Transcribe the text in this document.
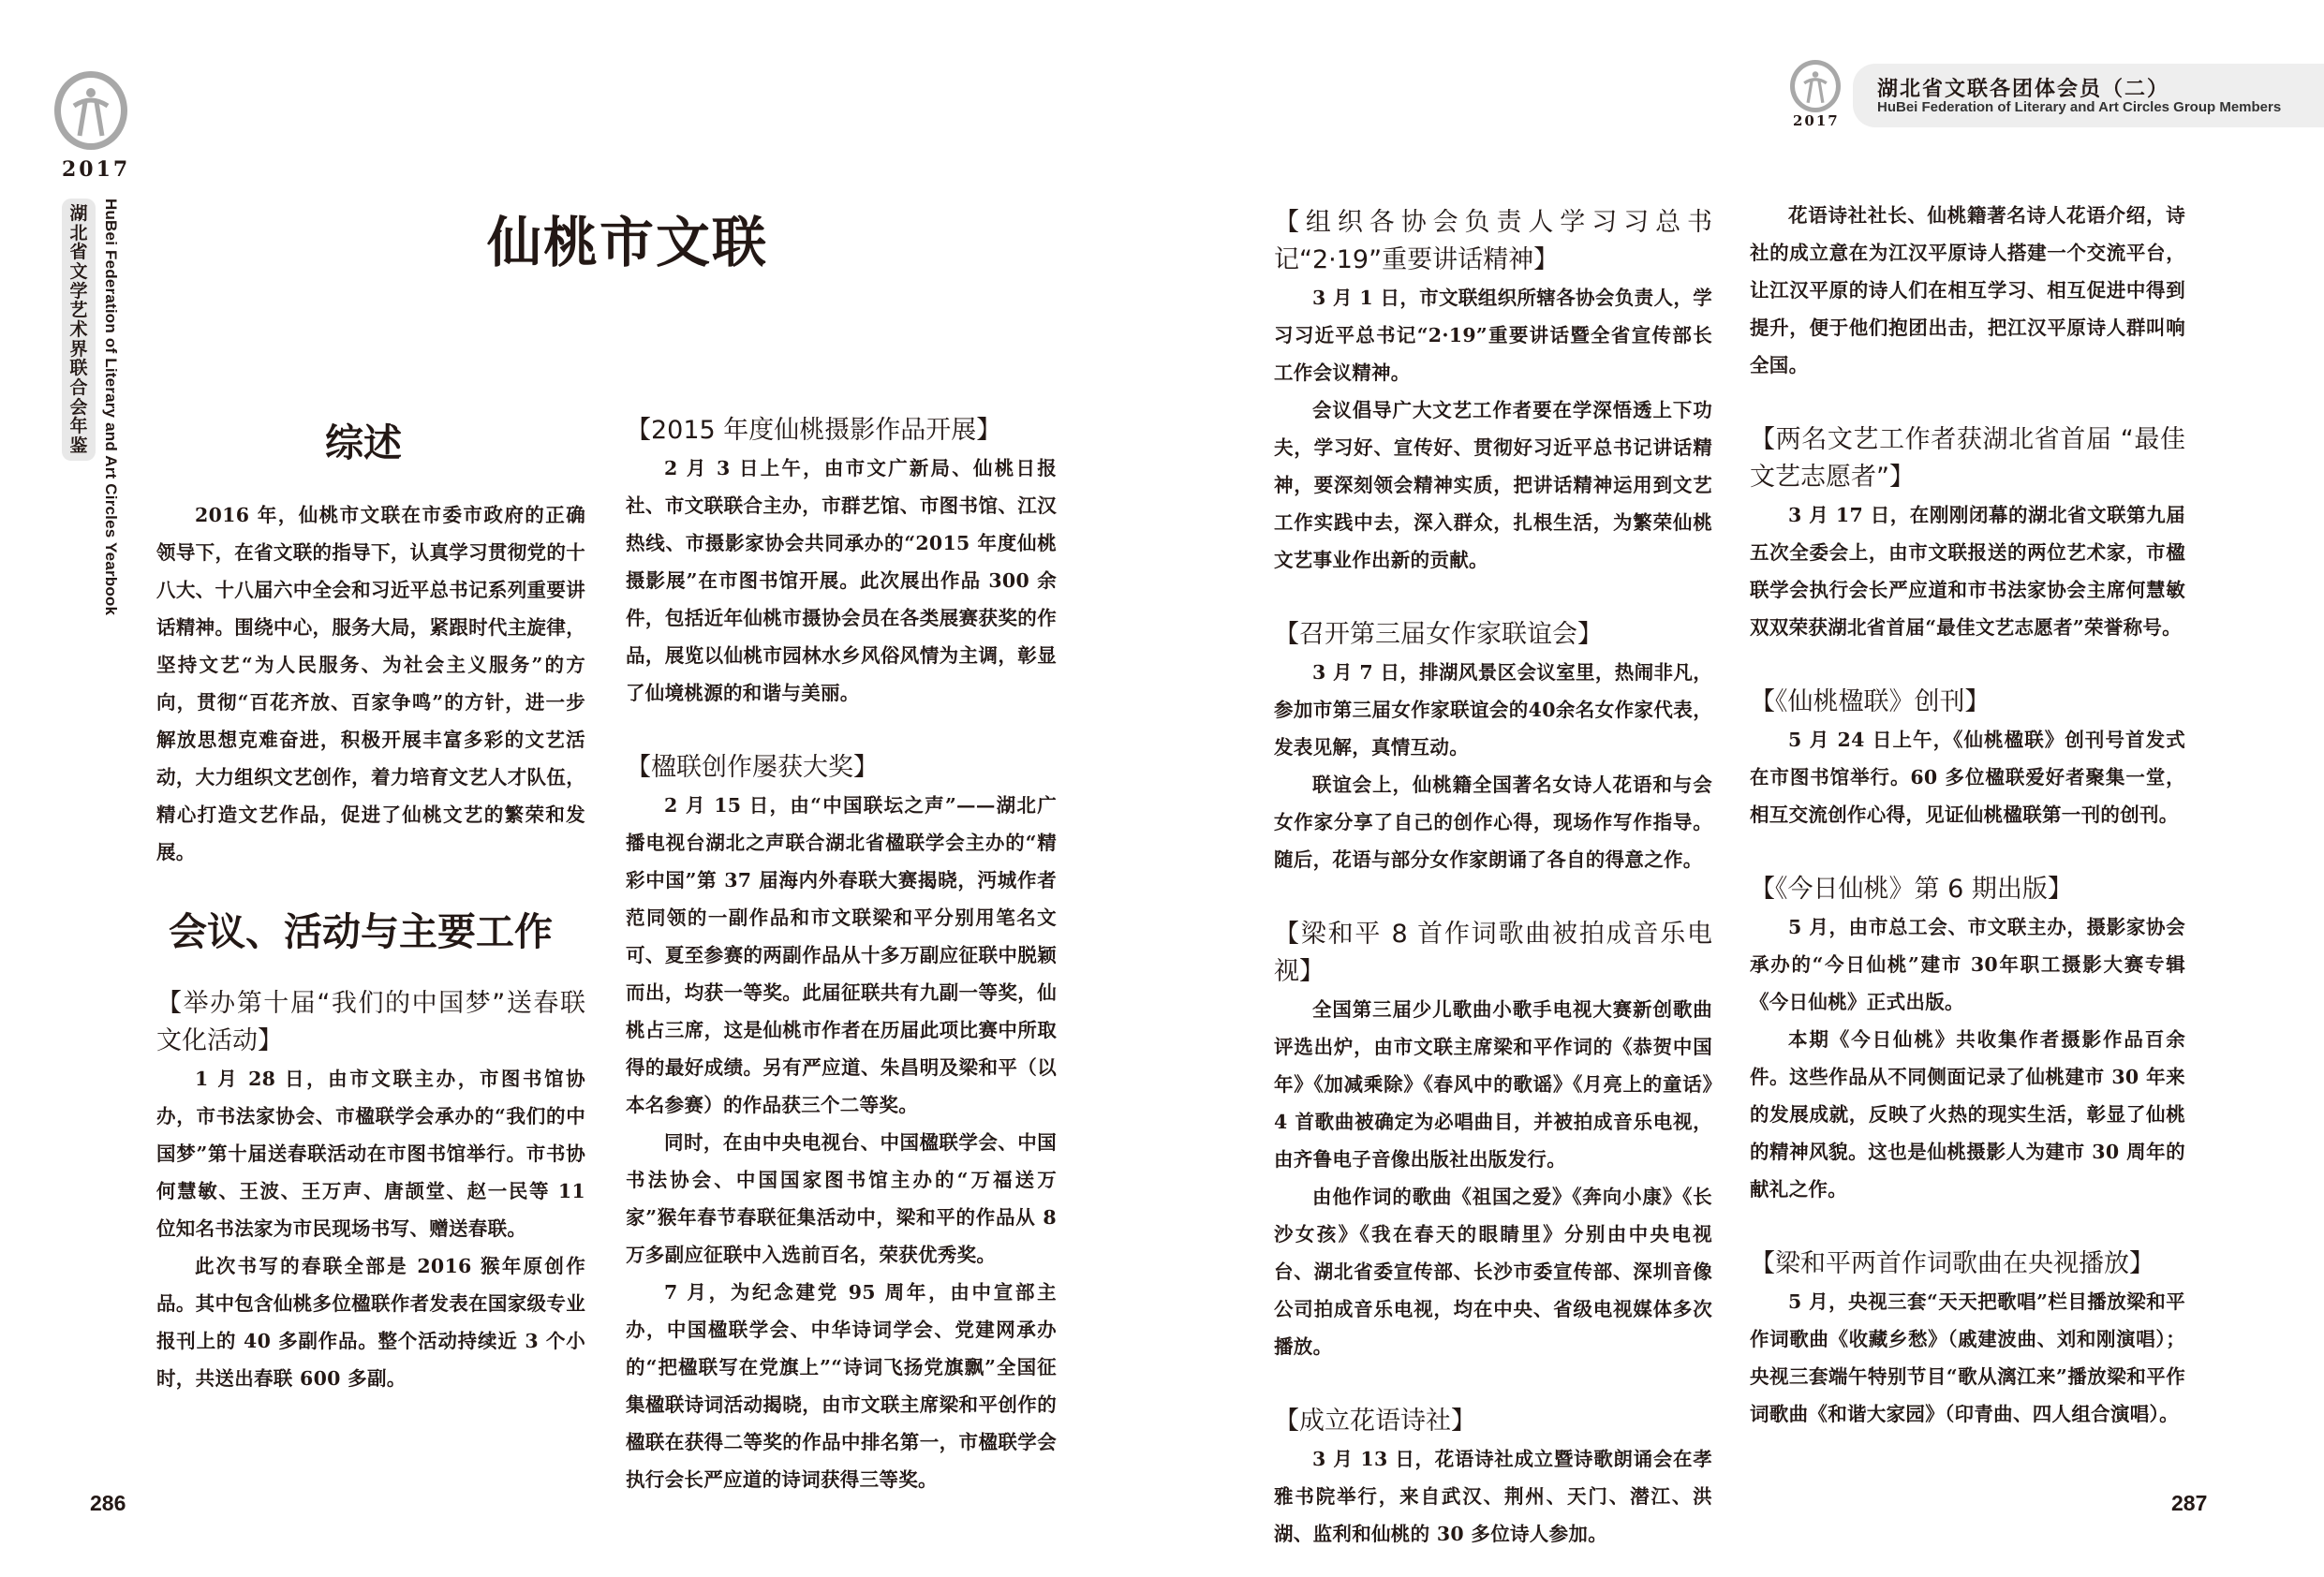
2017
湖
北
省
文
学
艺
术
界
联
合
会
年
鉴 HuBei Federation of Literary and Art Circles Yearbook	仙桃市文联
综述

2016 年，仙桃市文联在市委市政府的正确领导下，在省文联的指导下，认真学习贯彻党的十八大、十八届六中全会和习近平总书记系列重要讲话精神。围绕中心，服务大局，紧跟时代主旋律，坚持文艺“为人民服务、为社会主义服务”的方向，贯彻“百花齐放、百家争鸣”的方针，进一步解放思想克难奋进，积极开展丰富多彩的文艺活动，大力组织文艺创作，着力培育文艺人才队伍，精心打造文艺作品，促进了仙桃文艺的繁荣和发展。

会议、活动与主要工作
【举办第十届“我们的中国梦”送春联文化活动】

1 月 28 日，由市文联主办，市图书馆协办，市书法家协会、市楹联学会承办的“我们的中国梦”第十届送春联活动在市图书馆举行。市书协何慧敏、王波、王万声、唐颉堂、赵一民等 11 位知名书法家为市民现场书写、赠送春联。

此次书写的春联全部是 2016 猴年原创作品。其中包含仙桃多位楹联作者发表在国家级专业报刊上的 40 多副作品。整个活动持续近 3 个小时，共送出春联 600 多副。

【2015 年度仙桃摄影作品开展】

2 月 3 日上午，由市文广新局、仙桃日报社、市文联联合主办，市群艺馆、市图书馆、江汉热线、市摄影家协会共同承办的“2015 年度仙桃摄影展”在市图书馆开展。此次展出作品 300 余件，包括近年仙桃市摄协会员在各类展赛获奖的作品，展览以仙桃市园林水乡风俗风情为主调，彰显了仙境桃源的和谐与美丽。

【楹联创作屡获大奖】

2 月 15 日，由“中国联坛之声”——湖北广播电视台湖北之声联合湖北省楹联学会主办的“精彩中国”第 37 届海内外春联大赛揭晓，沔城作者范同领的一副作品和市文联梁和平分别用笔名文可、夏至参赛的两副作品从十多万副应征联中脱颖而出，均获一等奖。此届征联共有九副一等奖，仙桃占三席，这是仙桃市作者在历届此项比赛中所取得的最好成绩。另有严应道、朱昌明及梁和平（以本名参赛）的作品获三个二等奖。

同时，在由中央电视台、中国楹联学会、中国书法协会、中国国家图书馆主办的“万福送万家”猴年春节春联征集活动中，梁和平的作品从 8 万多副应征联中入选前百名，荣获优秀奖。

7 月，为纪念建党 95 周年，由中宣部主办，中国楹联学会、中华诗词学会、党建网承办的“把楹联写在党旗上”“诗词飞扬党旗飘”全国征集楹联诗词活动揭晓，由市文联主席梁和平创作的楹联在获得二等奖的作品中排名第一，市楹联学会执行会长严应道的诗词获得三等奖。

286
2017
湖北省文联各团体会员（二）
HuBei Federation of Literary and Art Circles Group Members
【组织各协会负责人学习习总书记“2·19”重要讲话精神】

3 月 1 日，市文联组织所辖各协会负责人，学习习近平总书记“2·19”重要讲话暨全省宣传部长工作会议精神。

会议倡导广大文艺工作者要在学深悟透上下功夫，学习好、宣传好、贯彻好习近平总书记讲话精神，要深刻领会精神实质，把讲话精神运用到文艺工作实践中去，深入群众，扎根生活，为繁荣仙桃文艺事业作出新的贡献。

【召开第三届女作家联谊会】

3 月 7 日，排湖风景区会议室里，热闹非凡，参加市第三届女作家联谊会的40余名女作家代表，发表见解，真情互动。

联谊会上，仙桃籍全国著名女诗人花语和与会女作家分享了自己的创作心得，现场作写作指导。随后，花语与部分女作家朗诵了各自的得意之作。

【梁和平 8 首作词歌曲被拍成音乐电视】

全国第三届少儿歌曲小歌手电视大赛新创歌曲评选出炉，由市文联主席梁和平作词的《恭贺中国年》《加减乘除》《春风中的歌谣》《月亮上的童话》4 首歌曲被确定为必唱曲目，并被拍成音乐电视，由齐鲁电子音像出版社出版发行。

由他作词的歌曲《祖国之爱》《奔向小康》《长沙女孩》《我在春天的眼睛里》分别由中央电视台、湖北省委宣传部、长沙市委宣传部、深圳音像公司拍成音乐电视，均在中央、省级电视媒体多次播放。

【成立花语诗社】

3 月 13 日，花语诗社成立暨诗歌朗诵会在孝雅书院举行，来自武汉、荆州、天门、潜江、洪湖、监利和仙桃的 30 多位诗人参加。

花语诗社社长、仙桃籍著名诗人花语介绍，诗社的成立意在为江汉平原诗人搭建一个交流平台，让江汉平原的诗人们在相互学习、相互促进中得到提升，便于他们抱团出击，把江汉平原诗人群叫响全国。

【两名文艺工作者获湖北省首届 “最佳文艺志愿者”】

3 月 17 日，在刚刚闭幕的湖北省文联第九届五次全委会上，由市文联报送的两位艺术家，市楹联学会执行会长严应道和市书法家协会主席何慧敏双双荣获湖北省首届“最佳文艺志愿者”荣誉称号。

【《仙桃楹联》创刊】

5 月 24 日上午，《仙桃楹联》创刊号首发式在市图书馆举行。60 多位楹联爱好者聚集一堂，相互交流创作心得，见证仙桃楹联第一刊的创刊。

【《今日仙桃》第 6 期出版】

5 月，由市总工会、市文联主办，摄影家协会承办的“今日仙桃”建市 30年职工摄影大赛专辑《今日仙桃》正式出版。

本期《今日仙桃》共收集作者摄影作品百余件。这些作品从不同侧面记录了仙桃建市 30 年来的发展成就，反映了火热的现实生活，彰显了仙桃的精神风貌。这也是仙桃摄影人为建市 30 周年的献礼之作。

【梁和平两首作词歌曲在央视播放】

5 月，央视三套“天天把歌唱”栏目播放梁和平作词歌曲《收藏乡愁》（戚建波曲、刘和刚演唱）；央视三套端午特别节目“歌从漓江来”播放梁和平作词歌曲《和谐大家园》（印青曲、四人组合演唱）。

287
